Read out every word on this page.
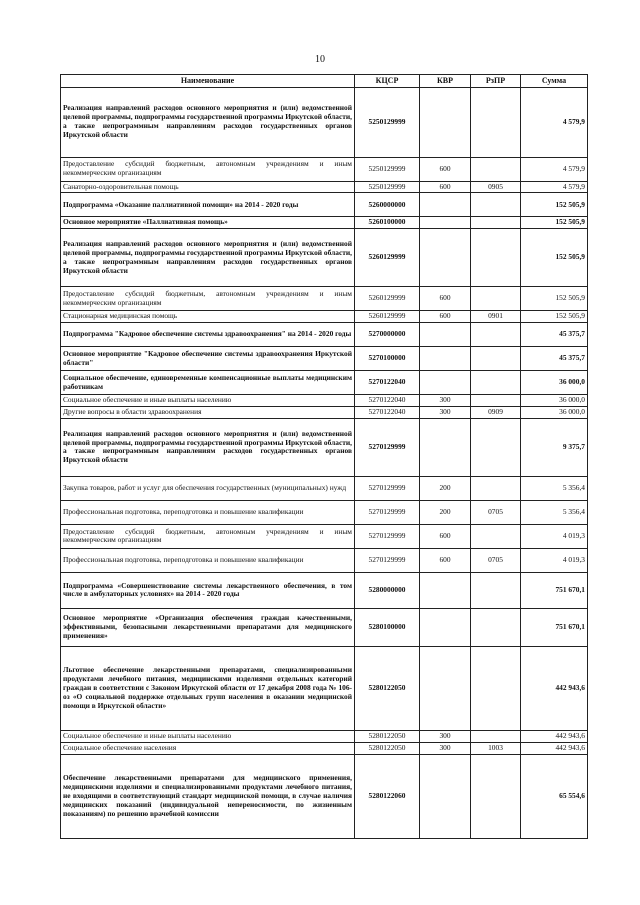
10
Наименование	КЦСР	КВР	РзПР	Сумма
Реализация направлений расходов основного мероприятия и (или) ведомственной целевой программы, подпрограммы государственной программы Иркутской области, а также непрограммным направлениям расходов государственных органов Иркутской области	5250129999			4 579,9
Предоставление субсидий бюджетным, автономным учреждениям и иным некоммерческим организациям	5250129999	600		4 579,9
Санаторно-оздоровительная помощь	5250129999	600	0905	4 579,9
Подпрограмма «Оказание паллиативной помощи» на 2014 - 2020 годы	5260000000			152 505,9
Основное мероприятие «Паллиативная помощь»	5260100000			152 505,9
Реализация направлений расходов основного мероприятия и (или) ведомственной целевой программы, подпрограммы государственной программы Иркутской области, а также непрограммным направлениям расходов государственных органов Иркутской области	5260129999			152 505,9
Предоставление субсидий бюджетным, автономным учреждениям и иным некоммерческим организациям	5260129999	600		152 505,9
Стационарная медицинская помощь	5260129999	600	0901	152 505,9
Подпрограмма "Кадровое обеспечение системы здравоохранения" на 2014 - 2020 годы	5270000000			45 375,7
Основное мероприятие "Кадровое обеспечение системы здравоохранения Иркутской области"	5270100000			45 375,7
Социальное обеспечение, единовременные компенсационные выплаты медицинским работникам	5270122040			36 000,0
Социальное обеспечение и иные выплаты населению	5270122040	300		36 000,0
Другие вопросы в области здравоохранения	5270122040	300	0909	36 000,0
Реализация направлений расходов основного мероприятия и (или) ведомственной целевой программы, подпрограммы государственной программы Иркутской области, а также непрограммным направлениям расходов государственных органов Иркутской области	5270129999			9 375,7
Закупка товаров, работ и услуг для обеспечения государственных (муниципальных) нужд	5270129999	200		5 356,4
Профессиональная подготовка, переподготовка и повышение квалификации	5270129999	200	0705	5 356,4
Предоставление субсидий бюджетным, автономным учреждениям и иным некоммерческим организациям	5270129999	600		4 019,3
Профессиональная подготовка, переподготовка и повышение квалификации	5270129999	600	0705	4 019,3
Подпрограмма «Совершенствование системы лекарственного обеспечения, в том числе в амбулаторных условиях» на 2014 - 2020 годы	5280000000			751 670,1
Основное мероприятие «Организация обеспечения граждан качественными, эффективными, безопасными лекарственными препаратами для медицинского применения»	5280100000			751 670,1
Льготное обеспечение лекарственными препаратами, специализированными продуктами лечебного питания, медицинскими изделиями отдельных категорий граждан в соответствии с Законом Иркутской области от 17 декабря 2008 года № 106-оз «О социальной поддержке отдельных групп населения в оказании медицинской помощи в Иркутской области»	5280122050			442 943,6
Социальное обеспечение и иные выплаты населению	5280122050	300		442 943,6
Социальное обеспечение населения	5280122050	300	1003	442 943,6
Обеспечение лекарственными препаратами для медицинского применения, медицинскими изделиями и специализированными продуктами лечебного питания, не входящими в соответствующий стандарт медицинской помощи, в случае наличия медицинских показаний (индивидуальной непереносимости, по жизненным показаниям) по решению врачебной комиссии	5280122060			65 554,6
